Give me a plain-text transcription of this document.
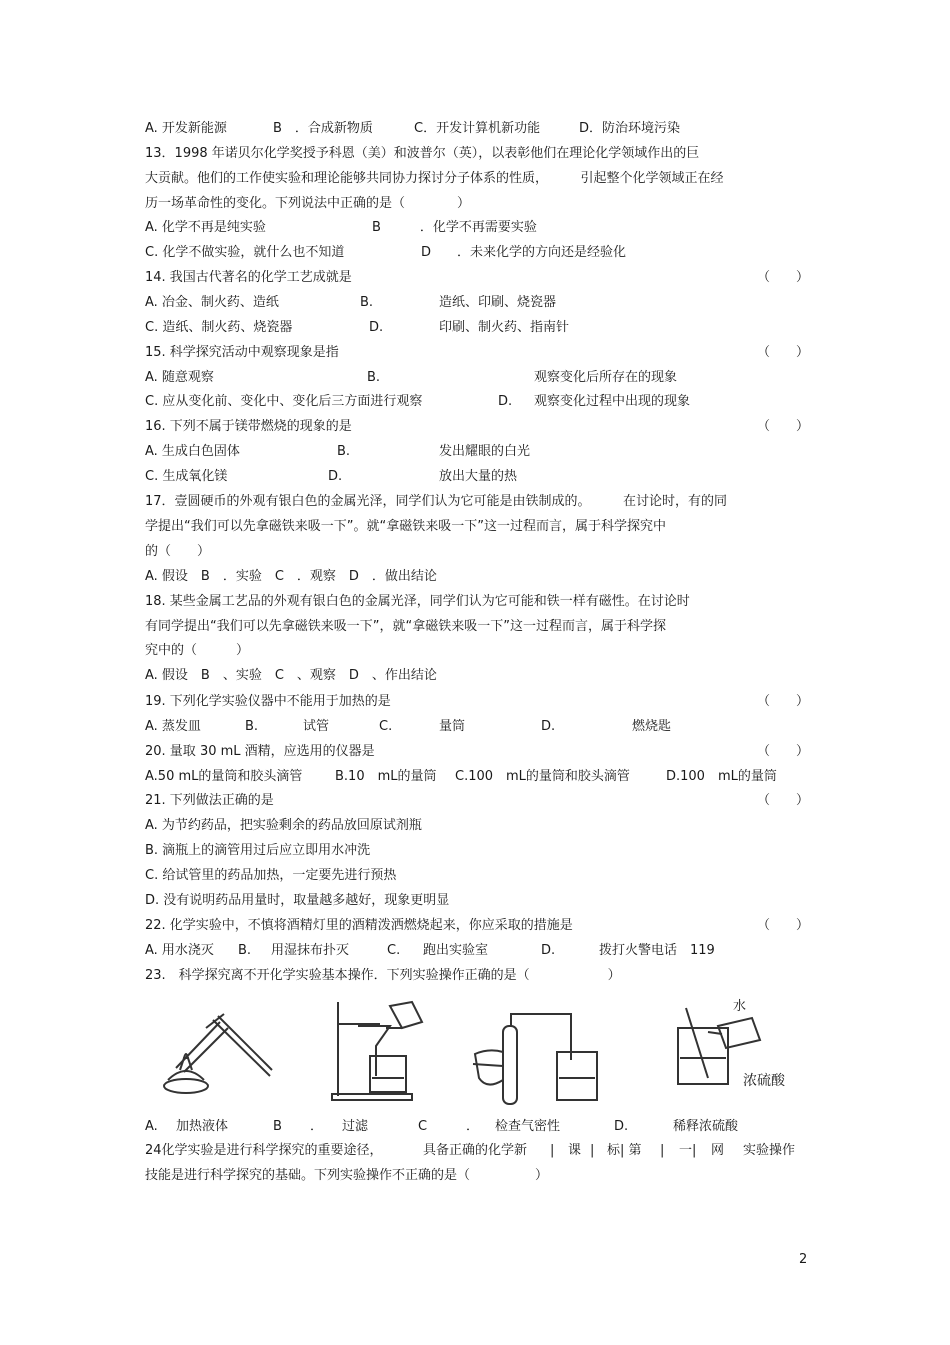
A. 开发新能源	B　．合成新物质	C．开发计算机新功能	D．防治环境污染
13．1998 年诺贝尔化学奖授予科恩（美）和波普尔（英），以表彰他们在理论化学领域作出的巨
大贡献。他们的工作使实验和理论能够共同协力探讨分子体系的性质，　　　引起整个化学领域正在经
历一场革命性的变化。下列说法中正确的是（　　　　）
A. 化学不再是纯实验	B　　　．化学不再需要实验
C. 化学不做实验，就什么也不知道	D　　．未来化学的方向还是经验化
14. 我国古代著名的化学工艺成就是	（　　）
A. 冶金、制火药、造纸	B.	造纸、印刷、烧瓷器
C. 造纸、制火药、烧瓷器	D.	印刷、制火药、指南针
15. 科学探究活动中观察现象是指	（　　）
A. 随意观察	B.	观察变化后所存在的现象
C. 应从变化前、变化中、变化后三方面进行观察	D. 观察变化过程中出现的现象
16. 下列不属于镁带燃烧的现象的是	（　　）
A. 生成白色固体	B.	发出耀眼的白光
C. 生成氧化镁	D.	放出大量的热
17．壹圆硬币的外观有银白色的金属光泽，同学们认为它可能是由铁制成的。　　　在讨论时，有的同
学提出“我们可以先拿磁铁来吸一下”。就“拿磁铁来吸一下”这一过程而言，属于科学探究中
的（　　）
A. 假设　B　．实验　C　．观察　D　．做出结论
18. 某些金属工艺品的外观有银白色的金属光泽，同学们认为它可能和铁一样有磁性。在讨论时
有同学提出“我们可以先拿磁铁来吸一下”，就“拿磁铁来吸一下”这一过程而言，属于科学探
究中的（　　　）
A. 假设　B　、实验　C　、观察　D　、作出结论
19. 下列化学实验仪器中不能用于加热的是	（　　）
A. 蒸发皿	B.	试管	C.	量筒	D.	燃烧匙
20. 量取 30 mL 酒精，应选用的仪器是	（　　）
A.50 mL的量筒和胶头滴管	B.10　mL的量筒 C.100　mL的量筒和胶头滴管	D.100　mL的量筒
21. 下列做法正确的是	（　　）
A. 为节约药品，把实验剩余的药品放回原试剂瓶
B. 滴瓶上的滴管用过后应立即用水冲洗
C. 给试管里的药品加热，一定要先进行预热
D. 没有说明药品用量时，取量越多越好，现象更明显
22. 化学实验中，不慎将酒精灯里的酒精泼洒燃烧起来，你应采取的措施是	（　　）
A. 用水浇灭 B. 用湿抹布扑灭	C. 跑出实验室	D.	拨打火警电话　119
23.　科学探究离不开化学实验基本操作．下列实验操作正确的是（　　　　　　）
水
浓硫酸
A. 加热液体	B ． 过滤	C	． 检查气密性	D.	稀释浓硫酸
24化学实验是进行科学探究的重要途径，	具备正确的化学新 | 课 | 标| 第 | 一| 网 实验操作
技能是进行科学探究的基础。下列实验操作不正确的是（　　　　　）
2
